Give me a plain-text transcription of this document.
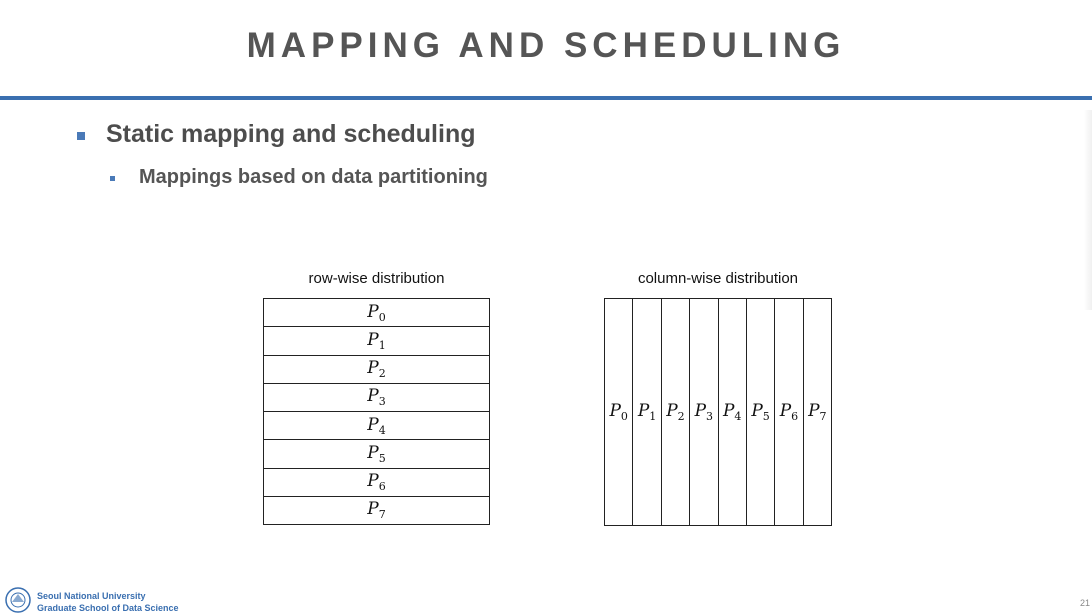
MAPPING AND SCHEDULING
Static mapping and scheduling
Mappings based on data partitioning
row-wise distribution
$P_0$
$P_1$
$P_2$
$P_3$
$P_4$
$P_5$
$P_6$
$P_7$
column-wise distribution
$P_0$ $P_1$ $P_2$ $P_3$ $P_4$ $P_5$ $P_6$ $P_7$
Seoul National University
Graduate School of Data Science	21
